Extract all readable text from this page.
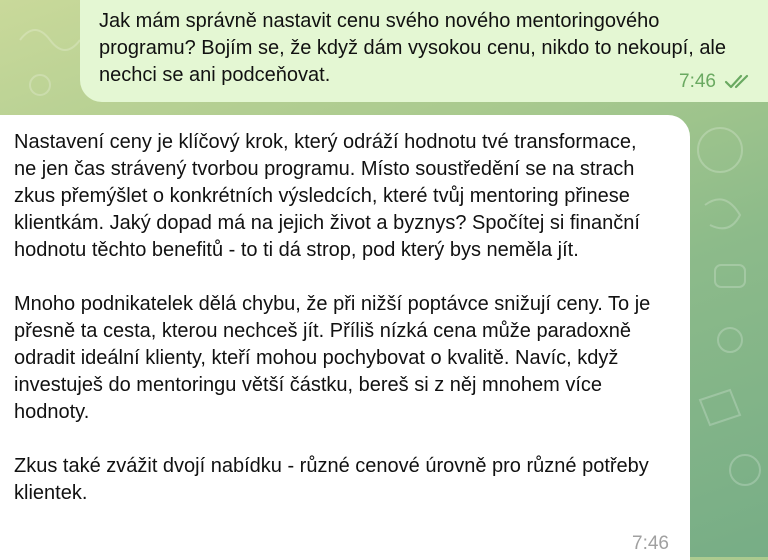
Jak mám správně nastavit cenu svého nového mentoringového programu? Bojím se, že když dám vysokou cenu, nikdo to nekoupí, ale nechci se ani podceňovat.	7:46

Nastavení ceny je klíčový krok, který odráží hodnotu tvé transformace, ne jen čas strávený tvorbou programu. Místo soustředění se na strach zkus přemýšlet o konkrétních výsledcích, které tvůj mentoring přinese klientkám. Jaký dopad má na jejich život a byznys? Spočítej si finanční hodnotu těchto benefitů - to ti dá strop, pod který bys neměla jít.

Mnoho podnikatelek dělá chybu, že při nižší poptávce snižují ceny. To je přesně ta cesta, kterou nechceš jít. Příliš nízká cena může paradoxně odradit ideální klienty, kteří mohou pochybovat o kvalitě. Navíc, když investuješ do mentoringu větší částku, bereš si z něj mnohem více hodnoty.

Zkus také zvážit dvojí nabídku - různé cenové úrovně pro různé potřeby klientek.

7:46
